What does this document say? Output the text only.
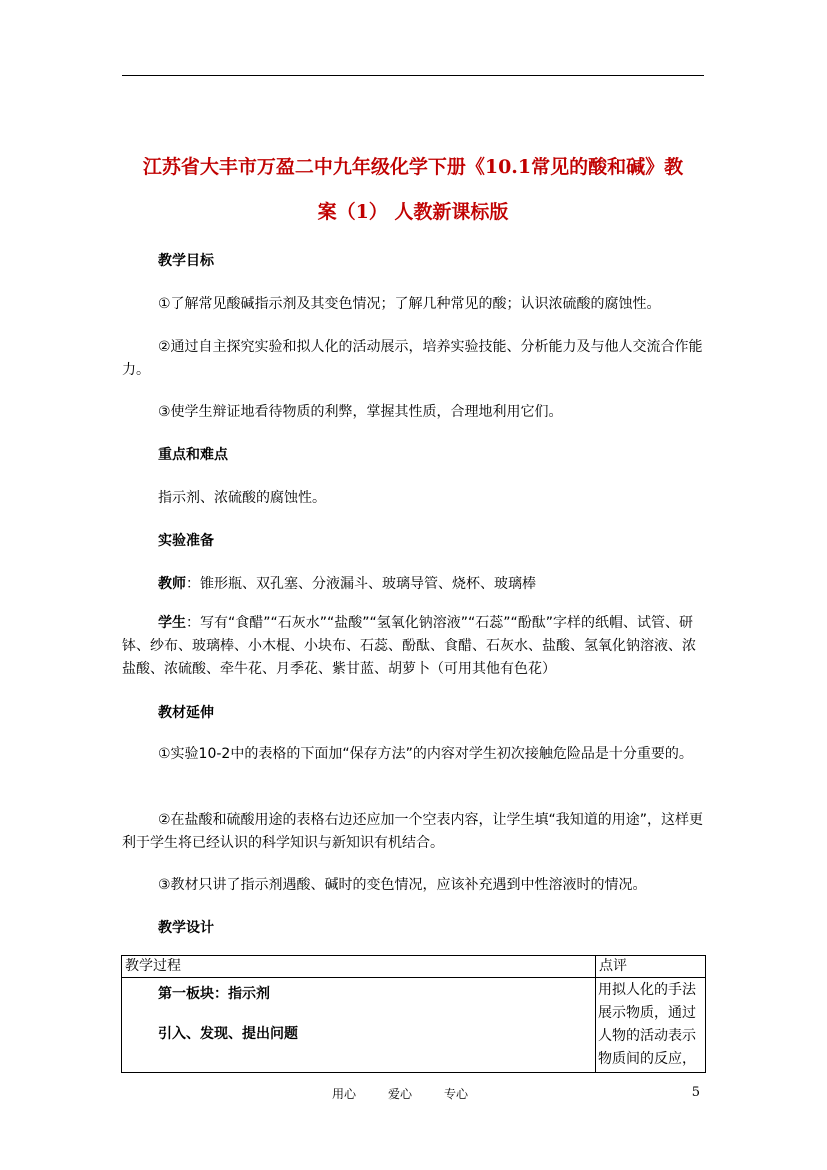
江苏省大丰市万盈二中九年级化学下册《10.1常见的酸和碱》教
案（1） 人教新课标版

教学目标

①了解常见酸碱指示剂及其变色情况；了解几种常见的酸；认识浓硫酸的腐蚀性。

②通过自主探究实验和拟人化的活动展示，培养实验技能、分析能力及与他人交流合作能力。

③使学生辩证地看待物质的利弊，掌握其性质，合理地利用它们。

重点和难点

指示剂、浓硫酸的腐蚀性。

实验准备

教师：锥形瓶、双孔塞、分液漏斗、玻璃导管、烧杯、玻璃棒

学生：写有“食醋”“石灰水”“盐酸”“氢氧化钠溶液”“石蕊”“酚酞”字样的纸帽、试管、研钵、纱布、玻璃棒、小木棍、小块布、石蕊、酚酞、食醋、石灰水、盐酸、氢氧化钠溶液、浓盐酸、浓硫酸、牵牛花、月季花、紫甘蓝、胡萝卜（可用其他有色花）

教材延伸

①实验10-2中的表格的下面加“保存方法”的内容对学生初次接触危险品是十分重要的。

②在盐酸和硫酸用途的表格右边还应加一个空表内容，让学生填“我知道的用途”，这样更利于学生将已经认识的科学知识与新知识有机结合。

③教材只讲了指示剂遇酸、碱时的变色情况，应该补充遇到中性溶液时的情况。

教学设计

教学过程	点评

第一板块：指示剂
引入、发现、提出问题	用拟人化的手法展示物质，通过人物的活动表示物质间的反应，
用心	爱心	专心	5
